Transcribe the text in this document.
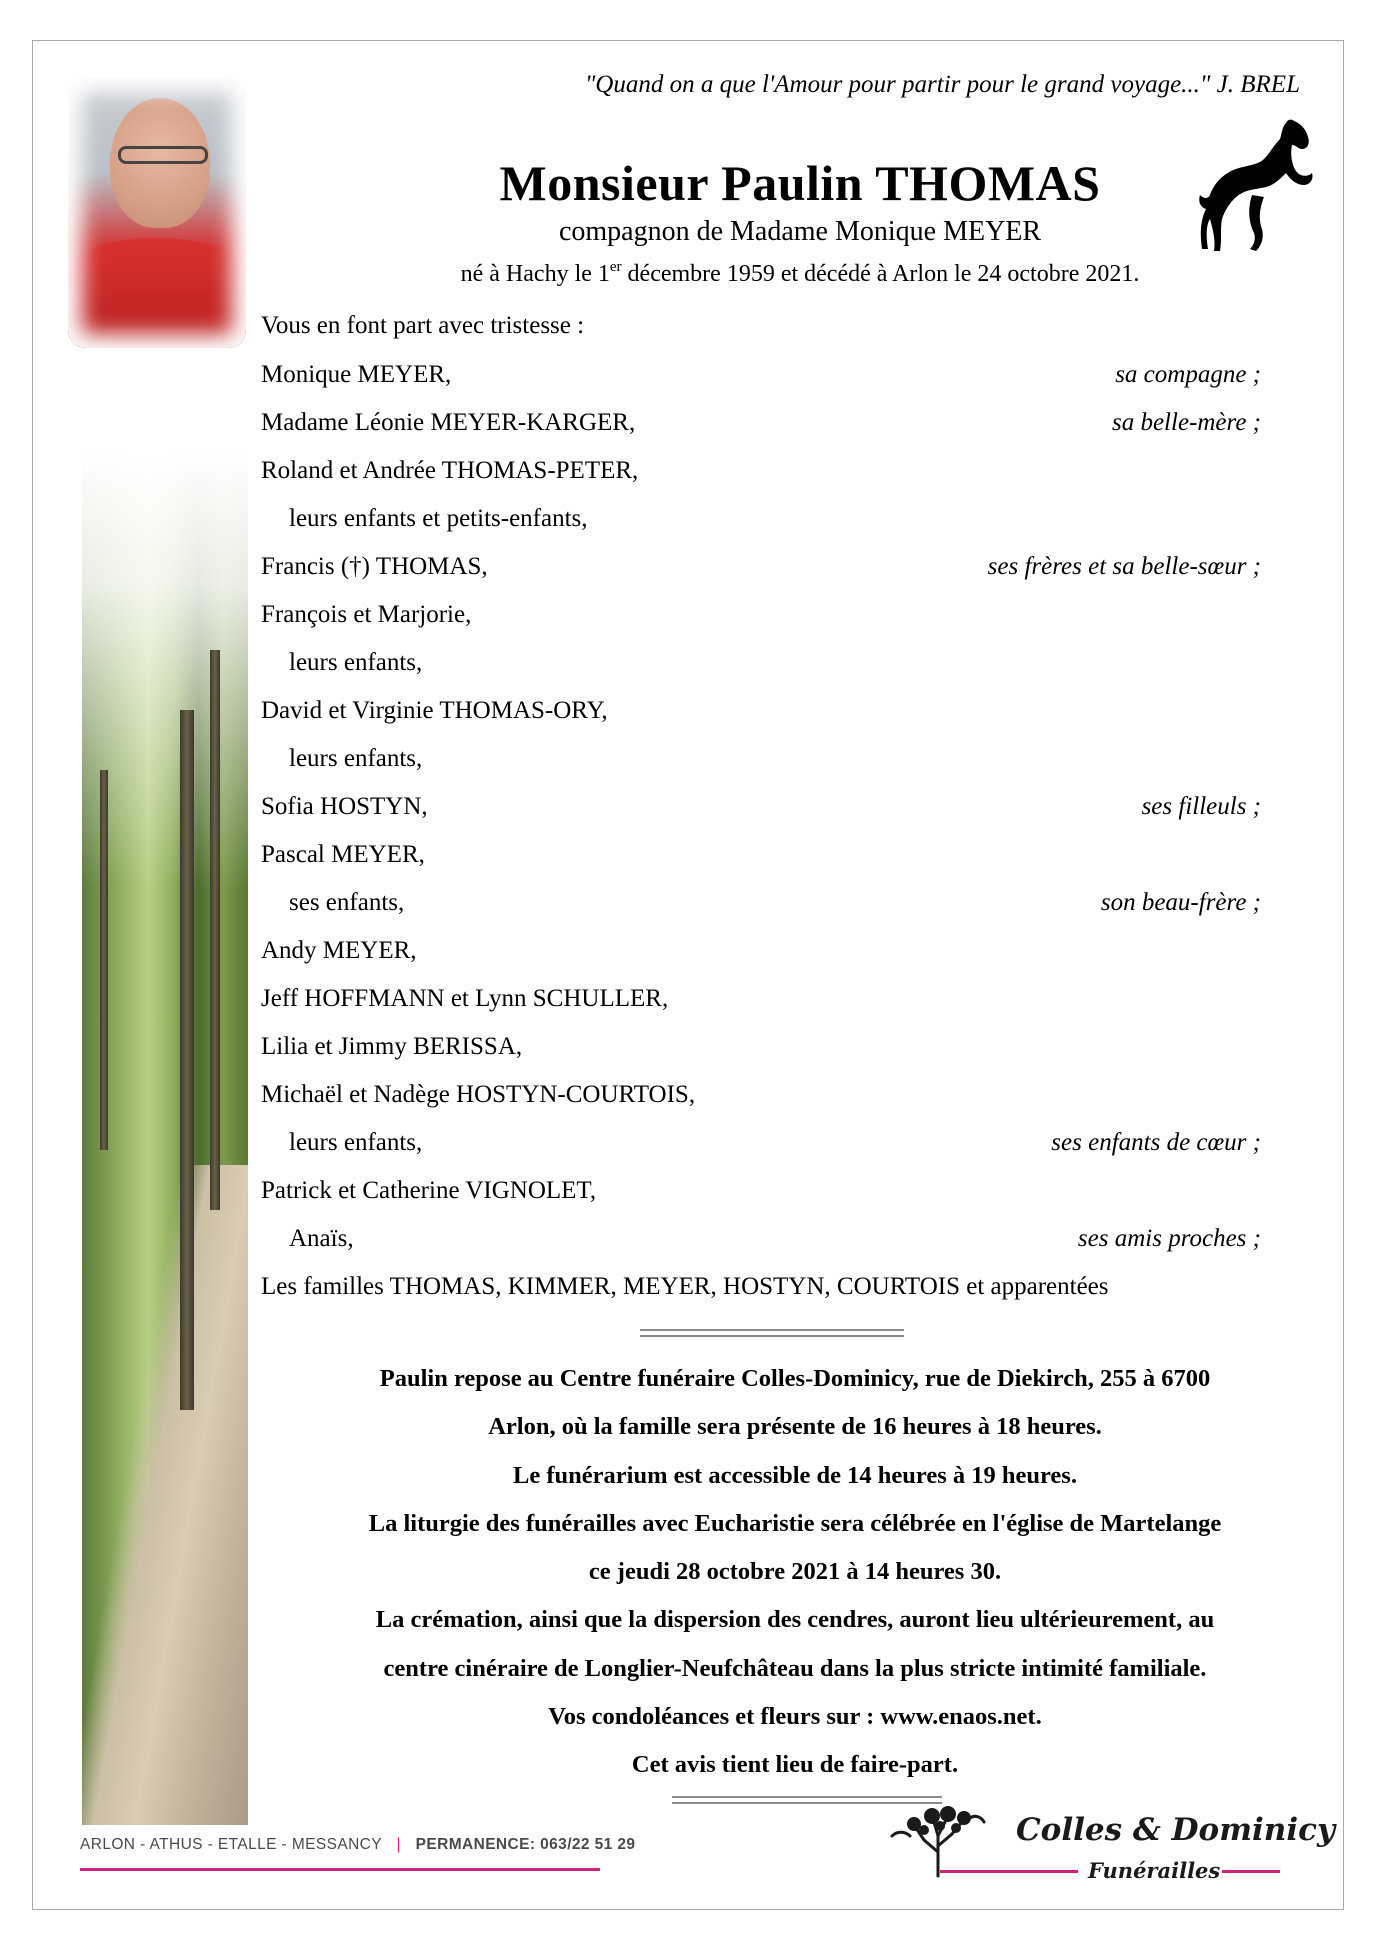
"Quand on a que l'Amour pour partir pour le grand voyage..." J. BREL
Monsieur Paulin THOMAS
compagnon de Madame Monique MEYER
né à Hachy le 1er décembre 1959 et décédé à Arlon le 24 octobre 2021.
Vous en font part avec tristesse :
Monique MEYER,	sa compagne ;
Madame Léonie MEYER-KARGER,	sa belle-mère ;
Roland et Andrée THOMAS-PETER,
leurs enfants et petits-enfants,
Francis (†) THOMAS,	ses frères et sa belle-sœur ;
François et Marjorie,
leurs enfants,
David et Virginie THOMAS-ORY,
leurs enfants,
Sofia HOSTYN,	ses filleuls ;
Pascal MEYER,
ses enfants,	son beau-frère ;
Andy MEYER,
Jeff HOFFMANN et Lynn SCHULLER,
Lilia et Jimmy BERISSA,
Michaël et Nadège HOSTYN-COURTOIS,
leurs enfants,	ses enfants de cœur ;
Patrick et Catherine VIGNOLET,
Anaïs,	ses amis proches ;
Les familles THOMAS, KIMMER, MEYER, HOSTYN, COURTOIS et apparentées
Paulin repose au Centre funéraire Colles-Dominicy, rue de Diekirch, 255 à 6700
Arlon, où la famille sera présente de 16 heures à 18 heures.
Le funérarium est accessible de 14 heures à 19 heures.
La liturgie des funérailles avec Eucharistie sera célébrée en l'église de Martelange
ce jeudi 28 octobre 2021 à 14 heures 30.
La crémation, ainsi que la dispersion des cendres, auront lieu ultérieurement, au
centre cinéraire de Longlier-Neufchâteau dans la plus stricte intimité familiale.
Vos condoléances et fleurs sur : www.enaos.net.
Cet avis tient lieu de faire-part.
ARLON - ATHUS - ETALLE - MESSANCY | PERMANENCE: 063/22 51 29	Colles & Dominicy
Funérailles
